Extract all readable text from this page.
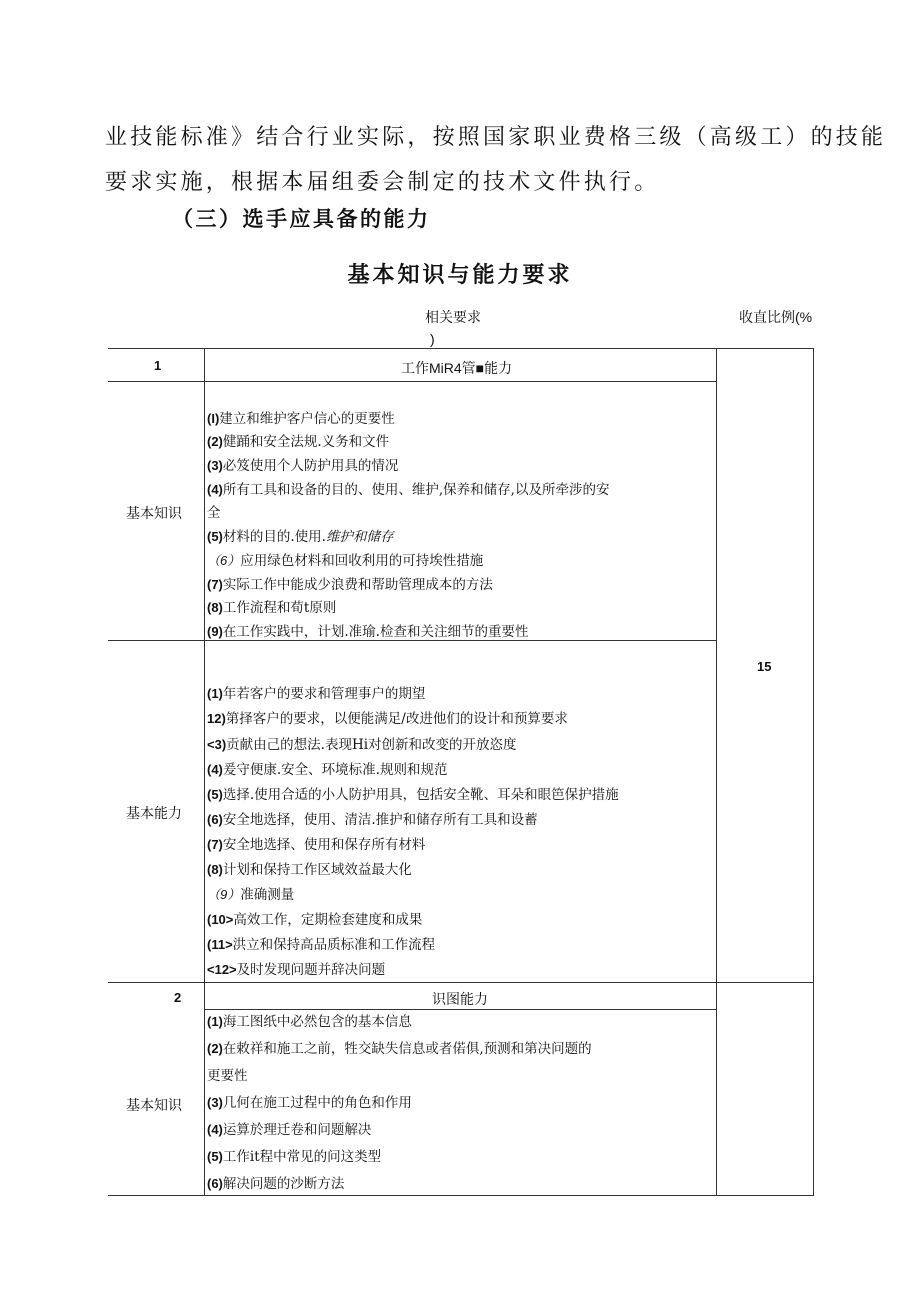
业技能标准》结合行业实际，按照国家职业费格三级（高级工）的技能
要求实施，根据本届组委会制定的技术文件执行。
（三）选手应具备的能力
基本知识与能力要求
相关要求
)
收直比例(%
1	工作MiR4管■能力
基本知识
(I)建立和维护客户信心的更要性
(2)健踊和安全法规.义务和文件
(3)必笈使用个人防护用具的情况
(4)所有工具和设备的目的、使用、维护,保养和储存,以及所牵涉的安
全
(5)材料的目的.使用.维护和储存
（6）应用绿色材料和回收利用的可持埃性措施
(7)实际工作中能成少浪费和帮助管理成本的方法
(8)工作流程和荀t原则
(9)在工作实践中，计划.准瑜.检查和关注细节的重要性
15
基本能力
(1)年若客户的要求和管理事户的期望
12)第择客户的要求，以便能满足/改进他们的设计和预算要求
<3)贡献由己的想法.表现Hi对创新和改变的开放恣度
(4)爰守便康.安全、环境标准.规则和规范
(5)选择.使用合适的小人防护用具，包括安全靴、耳朵和眼笆保护措施
(6)安全地选择，使用、清洁.推护和储存所有工具和设蓄
(7)安全地选择、使用和保存所有材料
(8)计划和保持工作区域效益最大化
（9）准确测量
(10>高效工作，定期检套建度和成果
(11>洪立和保持高品质标准和工作流程
<12>及时发现问题并辞决问题
2	识图能力
基本知识
(1)海工图纸中必然包含的基本信息
(2)在敕祥和施工之前，牲交缺失信息或者偌俱,预测和第决问题的
更要性
(3)几何在施工过程中的角色和作用
(4)运算於理迁卷和问题解决
(5)工作it程中常见的问这类型
(6)解决问题的沙断方法
